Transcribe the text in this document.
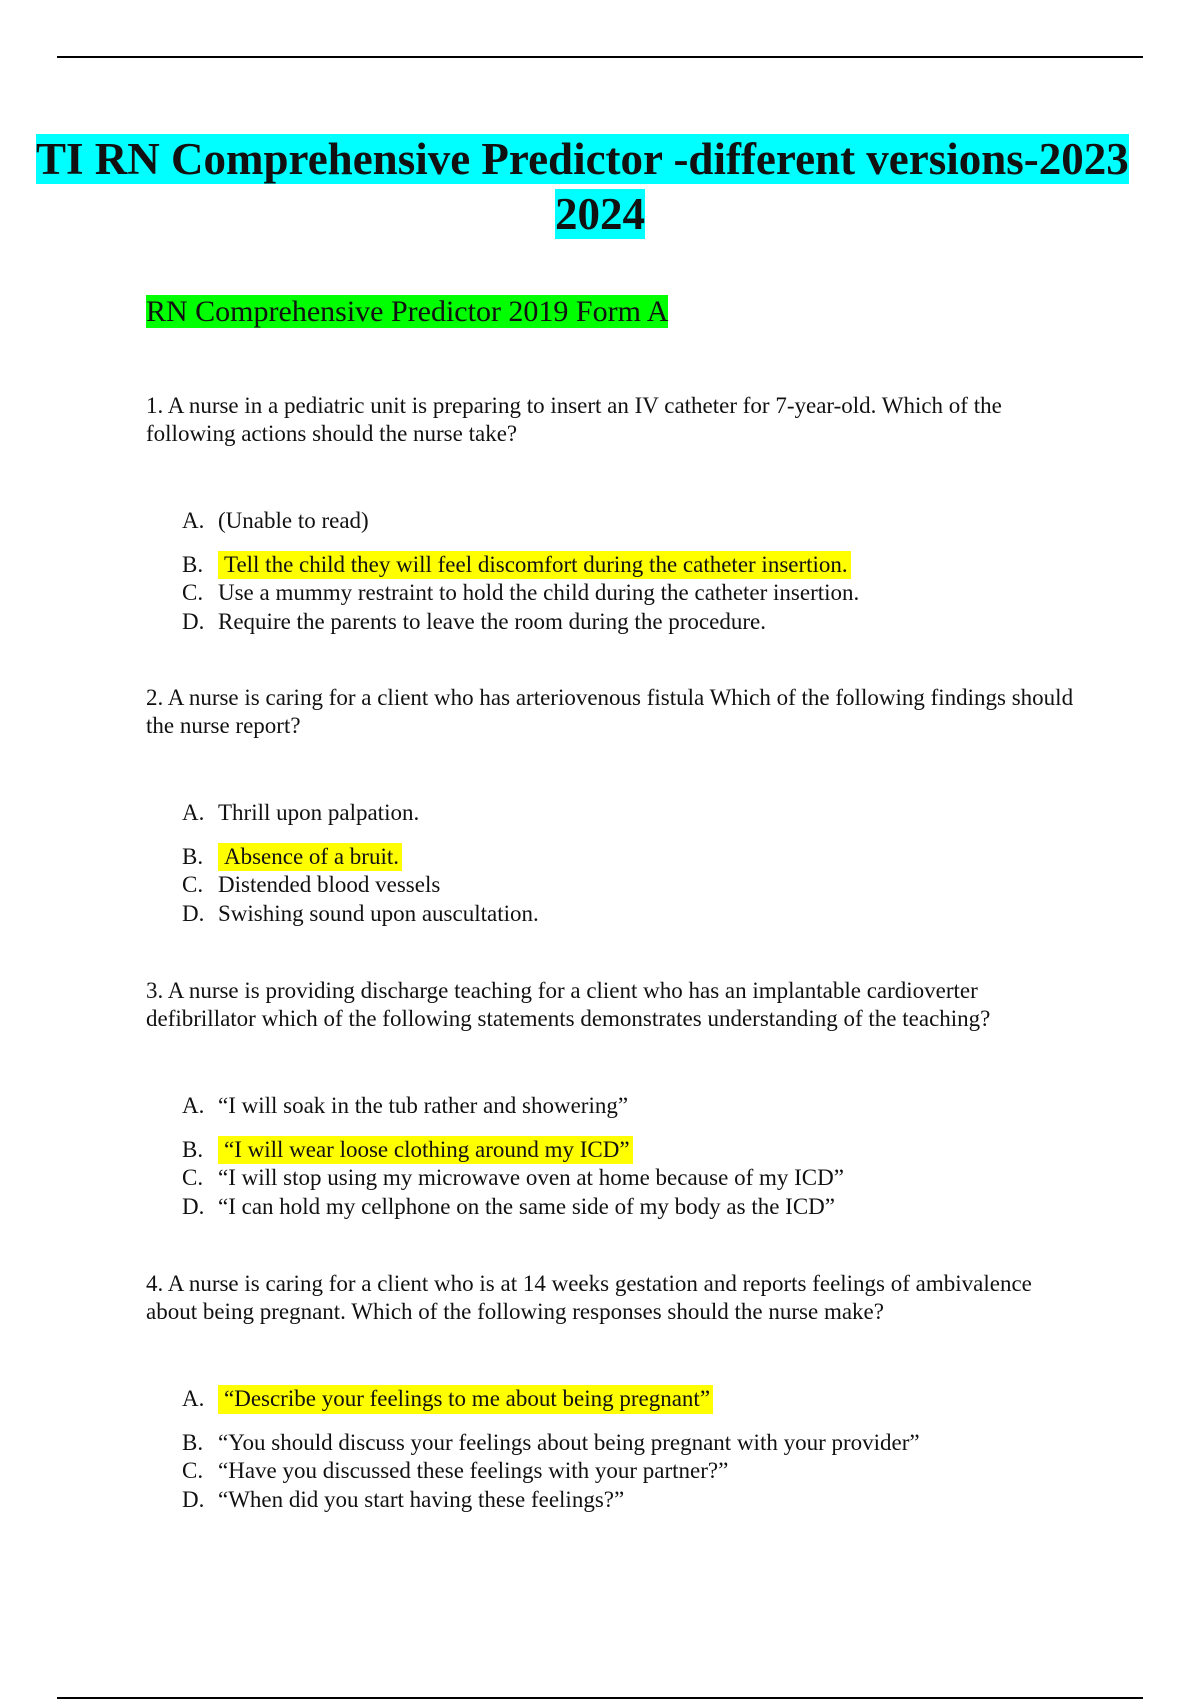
TI RN Comprehensive Predictor -different versions-2023
2024
RN Comprehensive Predictor 2019 Form A

1. A nurse in a pediatric unit is preparing to insert an IV catheter for 7-year-old. Which of the following actions should the nurse take?

A. (Unable to read)
B. Tell the child they will feel discomfort during the catheter insertion.
C. Use a mummy restraint to hold the child during the catheter insertion.
D. Require the parents to leave the room during the procedure.

2. A nurse is caring for a client who has arteriovenous fistula Which of the following findings should the nurse report?

A. Thrill upon palpation.
B. Absence of a bruit.
C. Distended blood vessels
D. Swishing sound upon auscultation.

3. A nurse is providing discharge teaching for a client who has an implantable cardioverter defibrillator which of the following statements demonstrates understanding of the teaching?

A. “I will soak in the tub rather and showering”
B. “I will wear loose clothing around my ICD”
C. “I will stop using my microwave oven at home because of my ICD”
D. “I can hold my cellphone on the same side of my body as the ICD”

4. A nurse is caring for a client who is at 14 weeks gestation and reports feelings of ambivalence about being pregnant. Which of the following responses should the nurse make?

A. “Describe your feelings to me about being pregnant”
B. “You should discuss your feelings about being pregnant with your provider”
C. “Have you discussed these feelings with your partner?”
D. “When did you start having these feelings?”
